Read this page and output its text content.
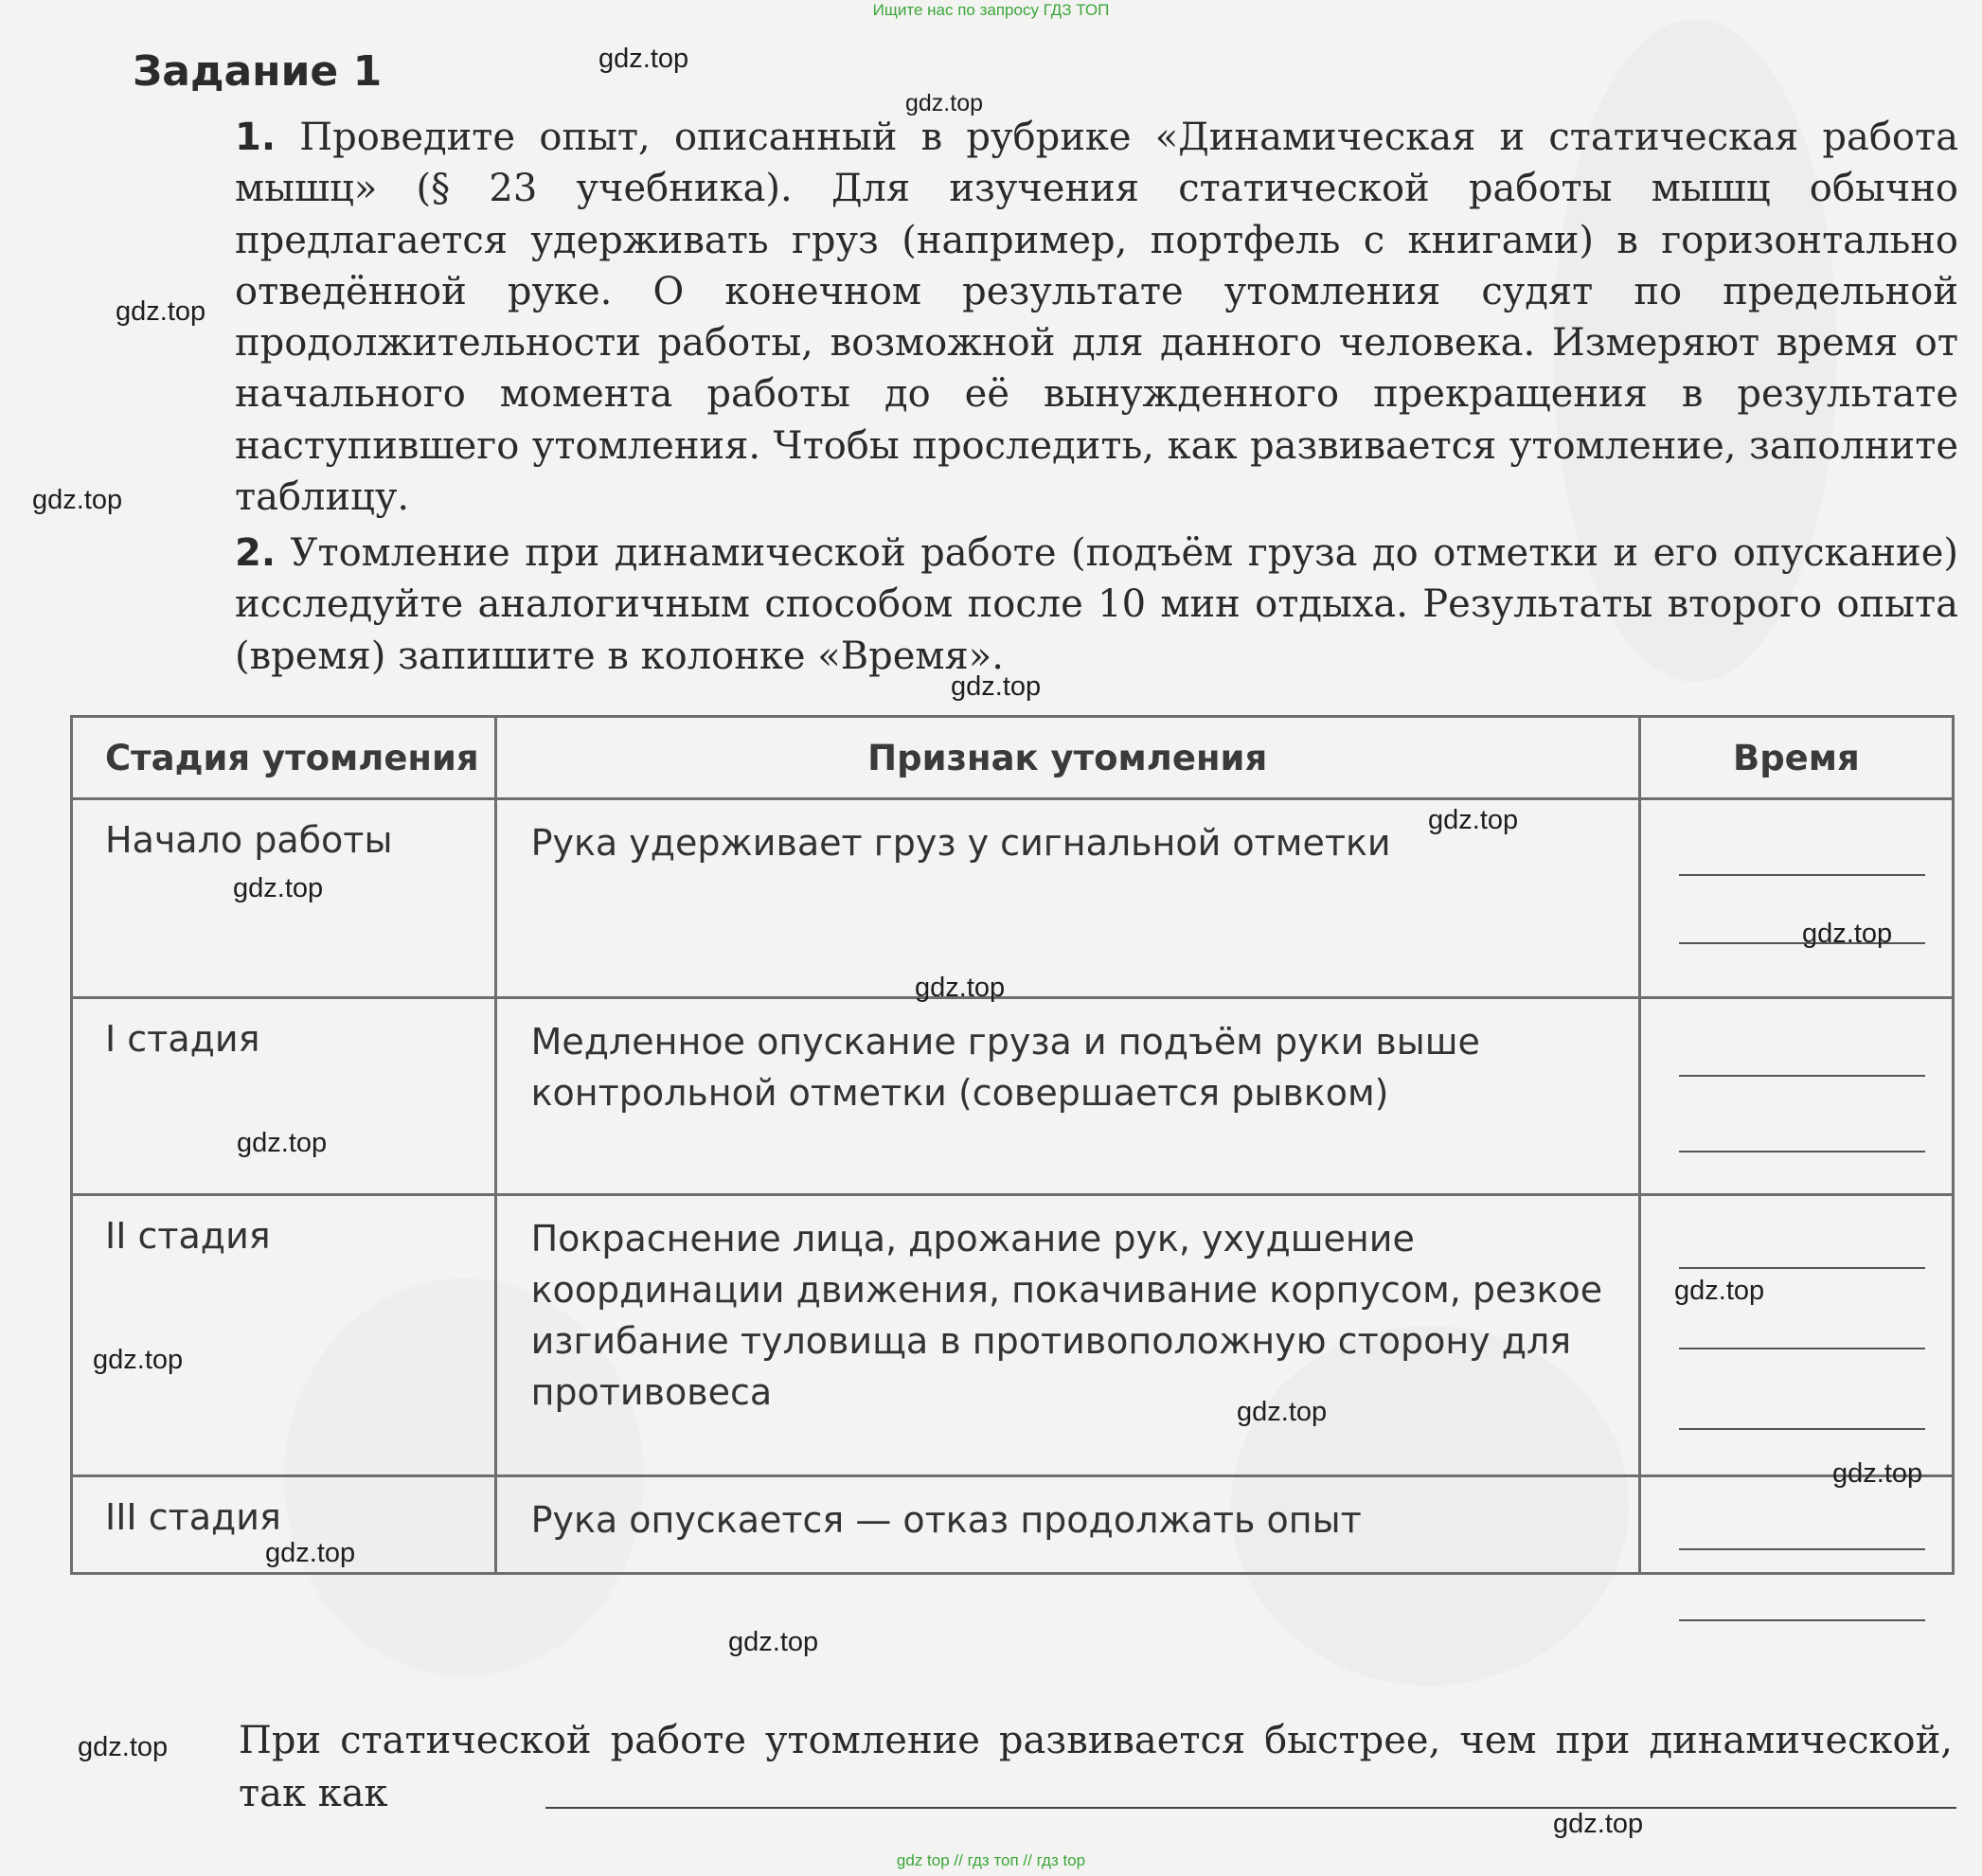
Ищите нас по запросу ГДЗ ТОП
Задание 1
1. Проведите опыт, описанный в рубрике «Динамическая и статическая работа мышц» (§ 23 учебника). Для изучения статической работы мышц обычно предлагается удерживать груз (например, портфель с книгами) в горизонтально отведённой руке. О конечном результате утомления судят по предельной продолжительности работы, возможной для данного человека. Измеряют время от начального момента работы до её вынужденного прекращения в результате наступившего утомления. Чтобы проследить, как развивается утомление, заполните таблицу.
2. Утомление при динамической работе (подъём груза до отметки и его опускание) исследуйте аналогичным способом после 10 мин отдыха. Результаты второго опыта (время) запишите в колонке «Время».
Стадия утомления	Признак утомления	Время
Начало работы	Рука удерживает груз у сигнальной отметки	

I стадия	Медленное опускание груза и подъём руки выше контрольной отметки (совершается рывком)	

II стадия	Покраснение лица, дрожание рук, ухудшение координации движения, покачивание корпусом, резкое изгибание туловища в противоположную сторону для противовеса	

III стадия	Рука опускается — отказ продолжать опыт	
При статической работе утомление развивается быстрее, чем при динамической, так как
gdz.top
gdz.top
gdz.top
gdz.top
gdz.top
gdz.top
gdz.top
gdz.top
gdz.top
gdz.top
gdz.top
gdz.top
gdz.top
gdz.top
gdz.top
gdz.top
gdz.top
gdz.top
gdz top // гдз топ // гдз top
